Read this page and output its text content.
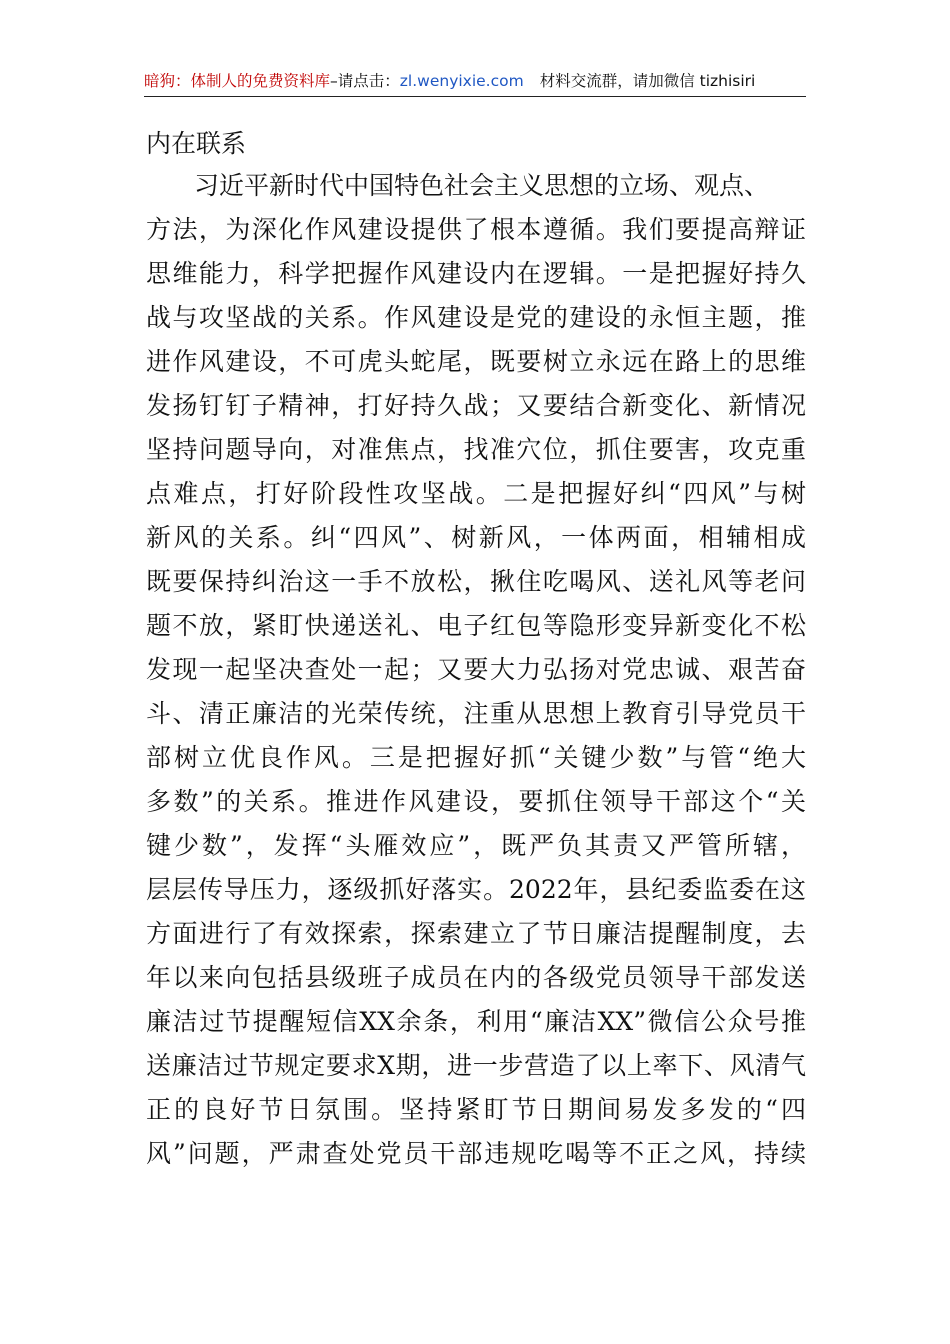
暗狗：体制人的免费资料库 –请点击： zl.wenyixie.com 材料交流群，请加微信 tizhisiri
内在联系
习近平新时代中国特色社会主义思想的立场、观点、
方法，为深化作风建设提供了根本遵循。我们要提高辩证
思维能力，科学把握作风建设内在逻辑。一是把握好持久
战与攻坚战的关系。作风建设是党的建设的永恒主题，推
进作风建设，不可虎头蛇尾，既要树立永远在路上的思维
发扬钉钉子精神，打好持久战；又要结合新变化、新情况
坚持问题导向，对准焦点，找准穴位，抓住要害，攻克重
点难点，打好阶段性攻坚战。二是把握好纠“四风”与树
新风的关系。纠“四风”、树新风，一体两面，相辅相成
既要保持纠治这一手不放松，揪住吃喝风、送礼风等老问
题不放，紧盯快递送礼、电子红包等隐形变异新变化不松
发现一起坚决查处一起；又要大力弘扬对党忠诚、艰苦奋
斗、清正廉洁的光荣传统，注重从思想上教育引导党员干
部树立优良作风。三是把握好抓“关键少数”与管“绝大
多数”的关系。推进作风建设，要抓住领导干部这个“关
键少数”，发挥“头雁效应”，既严负其责又严管所辖，
层层传导压力，逐级抓好落实。2022年，县纪委监委在这
方面进行了有效探索，探索建立了节日廉洁提醒制度，去
年以来向包括县级班子成员在内的各级党员领导干部发送
廉洁过节提醒短信XX余条，利用“廉洁XX”微信公众号推
送廉洁过节规定要求X期，进一步营造了以上率下、风清气
正的良好节日氛围。坚持紧盯节日期间易发多发的“四
风”问题，严肃查处党员干部违规吃喝等不正之风，持续
